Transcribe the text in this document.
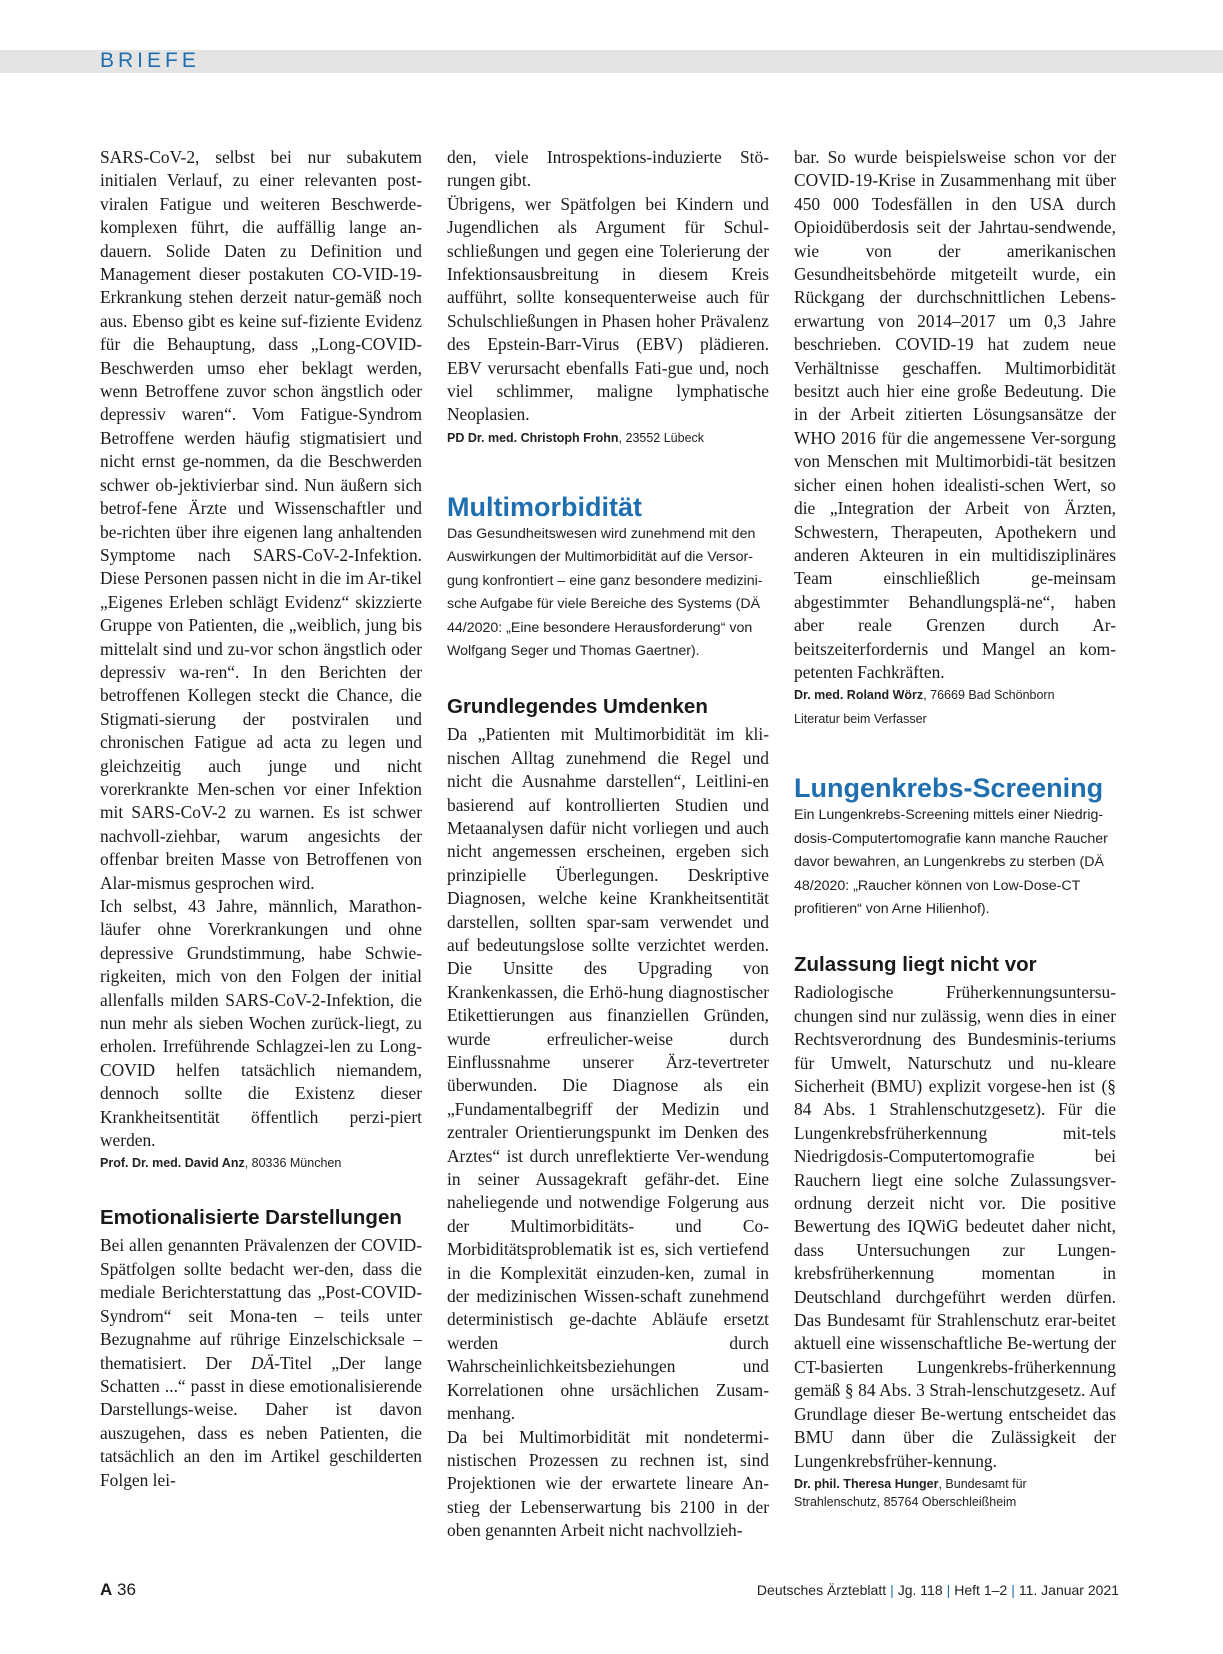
BRIEFE

SARS-CoV-2, selbst bei nur subakutem initialen Verlauf, zu einer relevanten post-viralen Fatigue und weiteren Beschwerde-komplexen führt, die auffällig lange an-dauern. Solide Daten zu Definition und Management dieser postakuten CO-VID-19-Erkrankung stehen derzeit natur-gemäß noch aus. Ebenso gibt es keine suf-fiziente Evidenz für die Behauptung, dass „Long-COVID-Beschwerden umso eher beklagt werden, wenn Betroffene zuvor schon ängstlich oder depressiv waren“. Vom Fatigue-Syndrom Betroffene werden häufig stigmatisiert und nicht ernst ge-nommen, da die Beschwerden schwer ob-jektivierbar sind. Nun äußern sich betrof-fene Ärzte und Wissenschaftler und be-richten über ihre eigenen lang anhaltenden Symptome nach SARS-CoV-2-Infektion. Diese Personen passen nicht in die im Ar-tikel „Eigenes Erleben schlägt Evidenz“ skizzierte Gruppe von Patienten, die „weiblich, jung bis mittelalt sind und zu-vor schon ängstlich oder depressiv wa-ren“. In den Berichten der betroffenen Kollegen steckt die Chance, die Stigmati-sierung der postviralen und chronischen Fatigue ad acta zu legen und gleichzeitig auch junge und nicht vorerkrankte Men-schen vor einer Infektion mit SARS-CoV-2 zu warnen. Es ist schwer nachvoll-ziehbar, warum angesichts der offenbar breiten Masse von Betroffenen von Alar-mismus gesprochen wird.

Ich selbst, 43 Jahre, männlich, Marathon-läufer ohne Vorerkrankungen und ohne depressive Grundstimmung, habe Schwie-rigkeiten, mich von den Folgen der initial allenfalls milden SARS-CoV-2-Infektion, die nun mehr als sieben Wochen zurück-liegt, zu erholen. Irreführende Schlagzei-len zu Long-COVID helfen tatsächlich niemandem, dennoch sollte die Existenz dieser Krankheitsentität öffentlich perzi-piert werden.

Prof. Dr. med. David Anz, 80336 München

Emotionalisierte Darstellungen

Bei allen genannten Prävalenzen der COVID-Spätfolgen sollte bedacht wer-den, dass die mediale Berichterstattung das „Post-COVID-Syndrom“ seit Mona-ten – teils unter Bezugnahme auf rührige Einzelschicksale – thematisiert. Der DÄ-Titel „Der lange Schatten ...“ passt in diese emotionalisierende Darstellungs-weise. Daher ist davon auszugehen, dass es neben Patienten, die tatsächlich an den im Artikel geschilderten Folgen lei-

den, viele Introspektions-induzierte Stö-rungen gibt.

Übrigens, wer Spätfolgen bei Kindern und Jugendlichen als Argument für Schul-schließungen und gegen eine Tolerierung der Infektionsausbreitung in diesem Kreis aufführt, sollte konsequenterweise auch für Schulschließungen in Phasen hoher Prävalenz des Epstein-Barr-Virus (EBV) plädieren. EBV verursacht ebenfalls Fati-gue und, noch viel schlimmer, maligne lymphatische Neoplasien.

PD Dr. med. Christoph Frohn, 23552 Lübeck

Multimorbidität

Das Gesundheitswesen wird zunehmend mit den Auswirkungen der Multimorbidität auf die Versor-gung konfrontiert – eine ganz besondere medizini-sche Aufgabe für viele Bereiche des Systems (DÄ 44/2020: „Eine besondere Herausforderung“ von Wolfgang Seger und Thomas Gaertner).

Grundlegendes Umdenken

Da „Patienten mit Multimorbidität im kli-nischen Alltag zunehmend die Regel und nicht die Ausnahme darstellen“, Leitlini-en basierend auf kontrollierten Studien und Metaanalysen dafür nicht vorliegen und auch nicht angemessen erscheinen, ergeben sich prinzipielle Überlegungen. Deskriptive Diagnosen, welche keine Krankheitsentität darstellen, sollten spar-sam verwendet und auf bedeutungslose sollte verzichtet werden. Die Unsitte des Upgrading von Krankenkassen, die Erhö-hung diagnostischer Etikettierungen aus finanziellen Gründen, wurde erfreulicher-weise durch Einflussnahme unserer Ärz-tevertreter überwunden. Die Diagnose als ein „Fundamentalbegriff der Medizin und zentraler Orientierungspunkt im Denken des Arztes“ ist durch unreflektierte Ver-wendung in seiner Aussagekraft gefähr-det. Eine naheliegende und notwendige Folgerung aus der Multimorbiditäts- und Co-Morbiditätsproblematik ist es, sich vertiefend in die Komplexität einzuden-ken, zumal in der medizinischen Wissen-schaft zunehmend deterministisch ge-dachte Abläufe ersetzt werden durch Wahrscheinlichkeitsbeziehungen und Korrelationen ohne ursächlichen Zusam-menhang.

Da bei Multimorbidität mit nondetermi-nistischen Prozessen zu rechnen ist, sind Projektionen wie der erwartete lineare An-stieg der Lebenserwartung bis 2100 in der oben genannten Arbeit nicht nachvollzieh-

bar. So wurde beispielsweise schon vor der COVID-19-Krise in Zusammenhang mit über 450 000 Todesfällen in den USA durch Opioidüberdosis seit der Jahrtau-sendwende, wie von der amerikanischen Gesundheitsbehörde mitgeteilt wurde, ein Rückgang der durchschnittlichen Lebens-erwartung von 2014–2017 um 0,3 Jahre beschrieben. COVID-19 hat zudem neue Verhältnisse geschaffen. Multimorbidität besitzt auch hier eine große Bedeutung. Die in der Arbeit zitierten Lösungsansätze der WHO 2016 für die angemessene Ver-sorgung von Menschen mit Multimorbidi-tät besitzen sicher einen hohen idealisti-schen Wert, so die „Integration der Arbeit von Ärzten, Schwestern, Therapeuten, Apothekern und anderen Akteuren in ein multidisziplinäres Team einschließlich ge-meinsam abgestimmter Behandlungsplä-ne“, haben aber reale Grenzen durch Ar-beitszeiterfordernis und Mangel an kom-petenten Fachkräften.

Dr. med. Roland Wörz, 76669 Bad Schönborn

Literatur beim Verfasser

Lungenkrebs-Screening

Ein Lungenkrebs-Screening mittels einer Niedrig-dosis-Computertomografie kann manche Raucher davor bewahren, an Lungenkrebs zu sterben (DÄ 48/2020: „Raucher können von Low-Dose-CT profitieren“ von Arne Hilienhof).

Zulassung liegt nicht vor

Radiologische Früherkennungsuntersu-chungen sind nur zulässig, wenn dies in einer Rechtsverordnung des Bundesminis-teriums für Umwelt, Naturschutz und nu-kleare Sicherheit (BMU) explizit vorgese-hen ist (§ 84 Abs. 1 Strahlenschutzgesetz). Für die Lungenkrebsfrüherkennung mit-tels Niedrigdosis-Computertomografie bei Rauchern liegt eine solche Zulassungsver-ordnung derzeit nicht vor. Die positive Bewertung des IQWiG bedeutet daher nicht, dass Untersuchungen zur Lungen-krebsfrüherkennung momentan in Deutschland durchgeführt werden dürfen. Das Bundesamt für Strahlenschutz erar-beitet aktuell eine wissenschaftliche Be-wertung der CT-basierten Lungenkrebs-früherkennung gemäß § 84 Abs. 3 Strah-lenschutzgesetz. Auf Grundlage dieser Be-wertung entscheidet das BMU dann über die Zulässigkeit der Lungenkrebsfrüher-kennung.

Dr. phil. Theresa Hunger, Bundesamt für Strahlenschutz, 85764 Oberschleißheim

A 36	Deutsches Ärzteblatt | Jg. 118 | Heft 1–2 | 11. Januar 2021
